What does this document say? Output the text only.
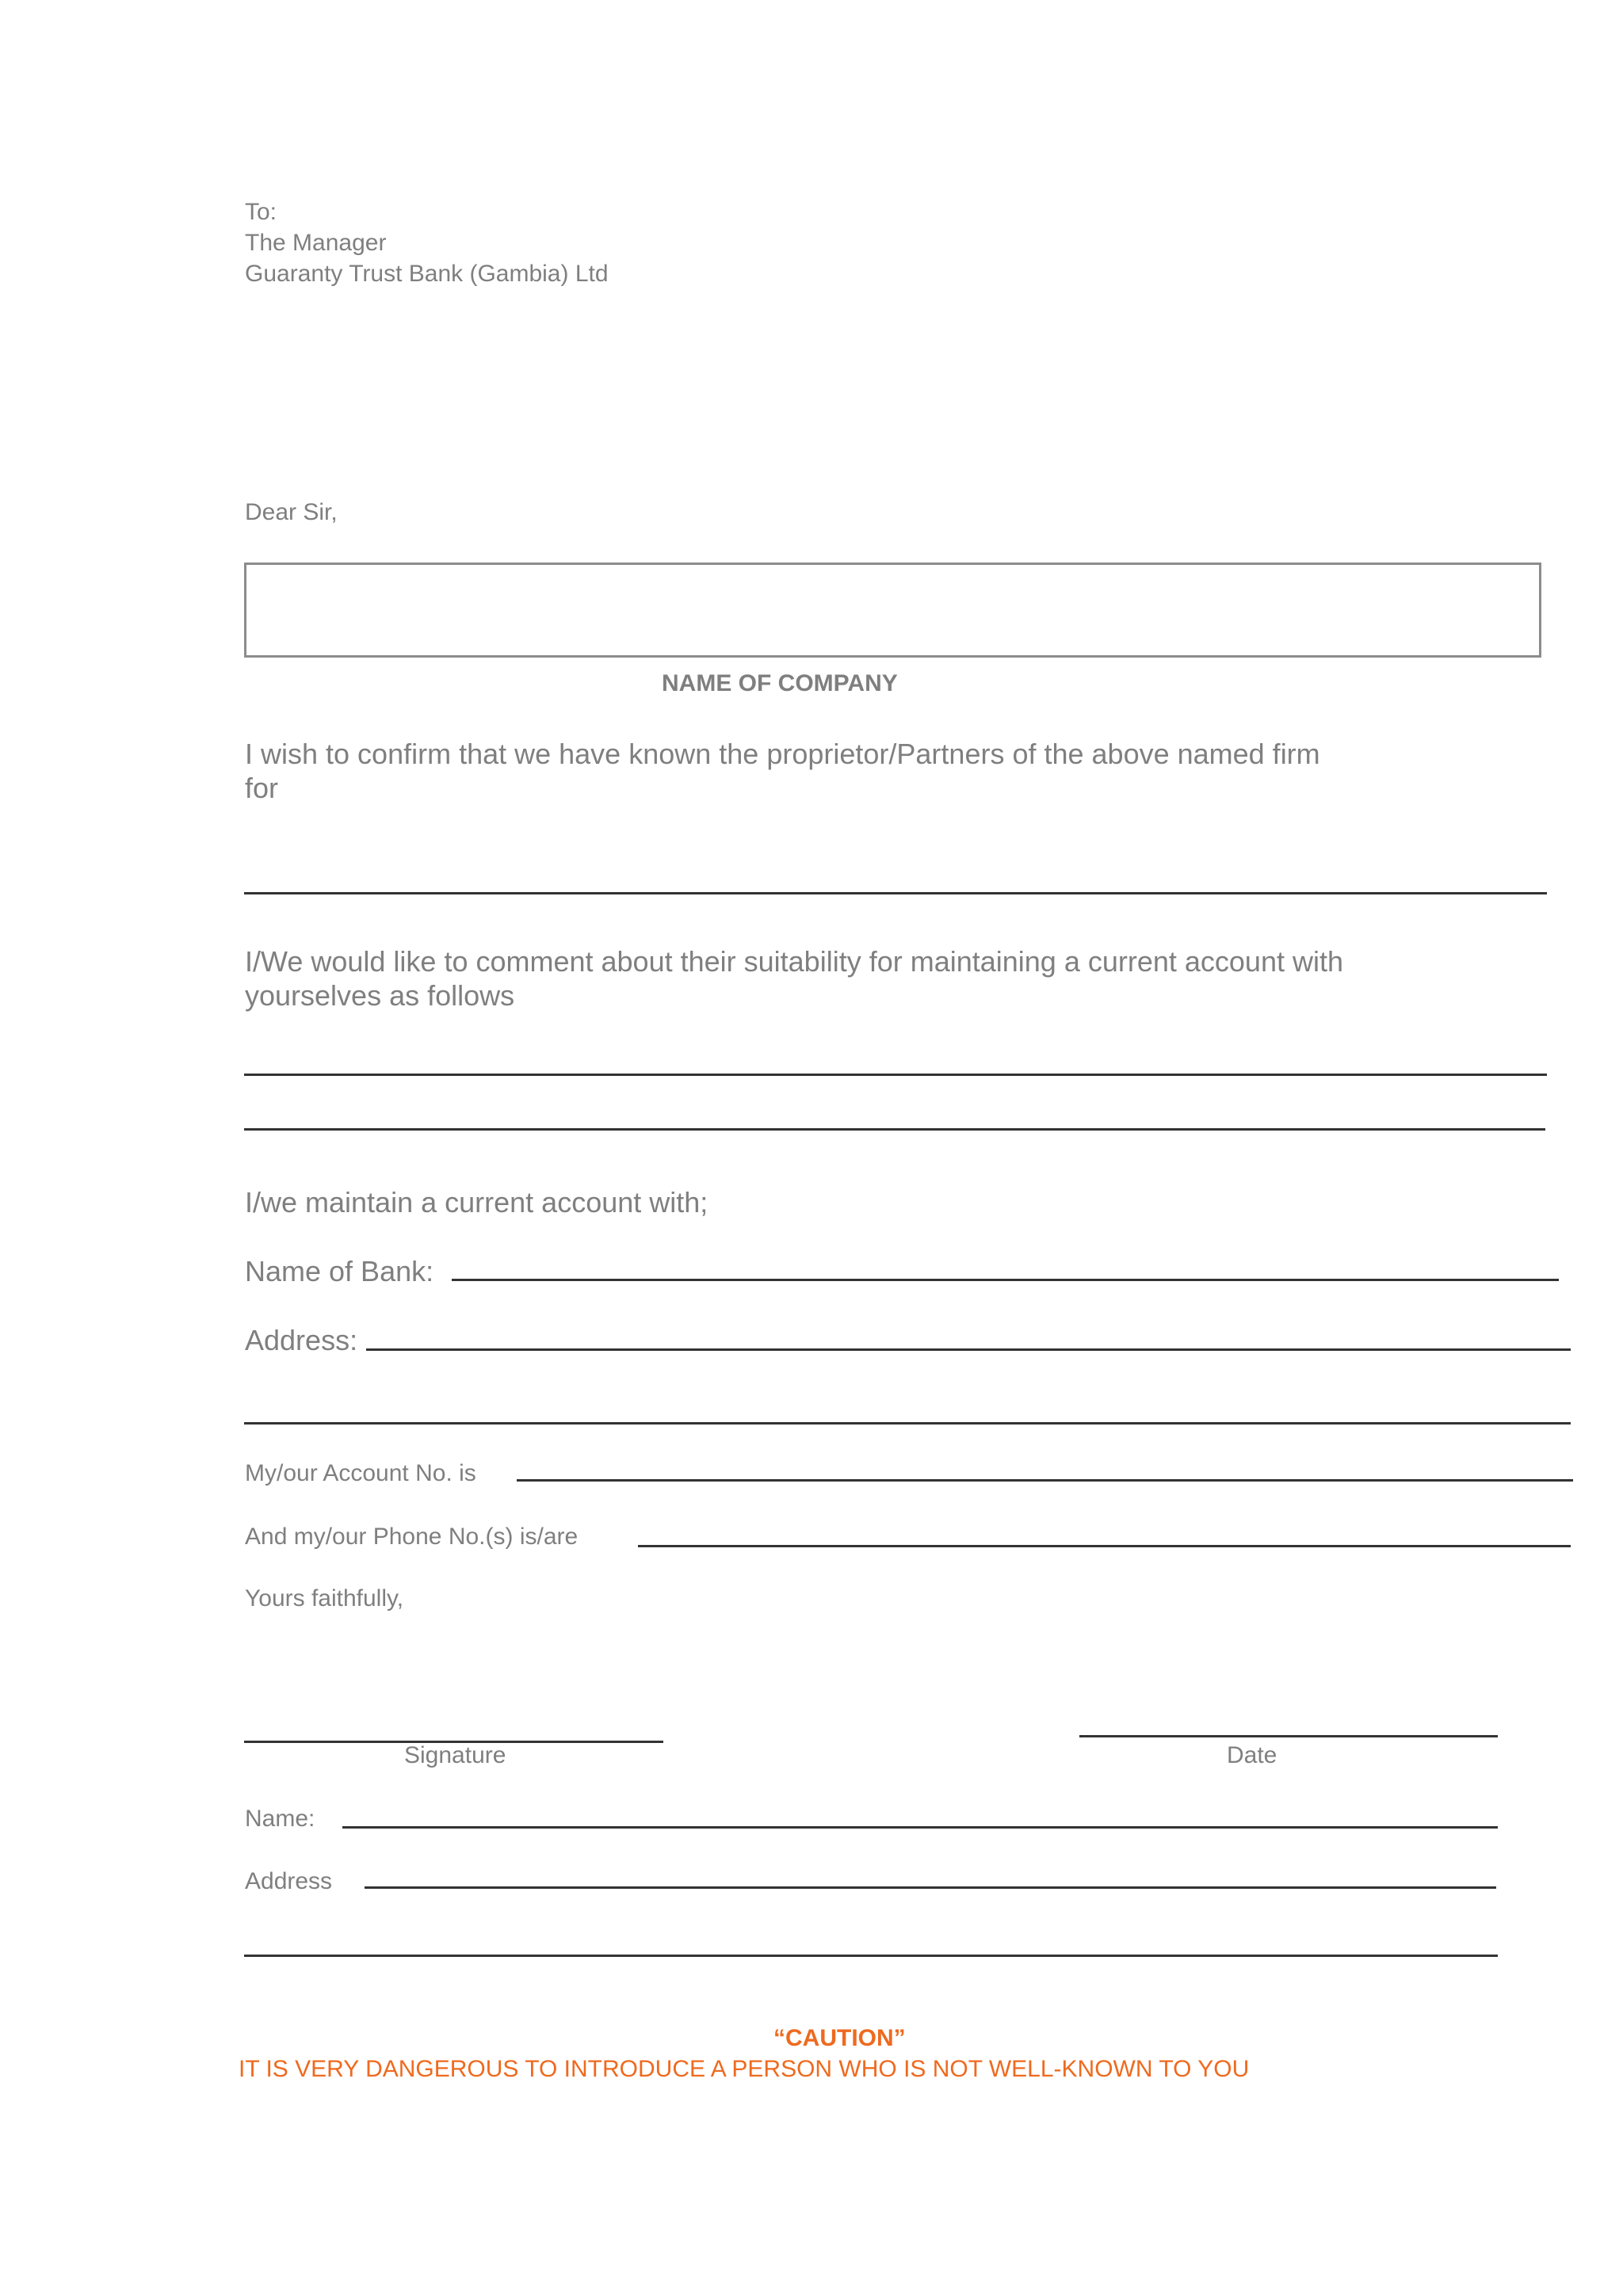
To:
The Manager
Guaranty Trust Bank (Gambia) Ltd
Dear Sir,
NAME OF COMPANY
I wish to confirm that we have known the proprietor/Partners of the above named firm
for
I/We would like to comment about their suitability for maintaining a current account with
yourselves as follows
I/we maintain a current account with;
Name of Bank:
Address:
My/our Account No. is
And my/our Phone No.(s) is/are
Yours faithfully,
Signature	Date
Name:
Address
“CAUTION”
IT IS VERY DANGEROUS TO INTRODUCE A PERSON WHO IS NOT WELL-KNOWN TO YOU
